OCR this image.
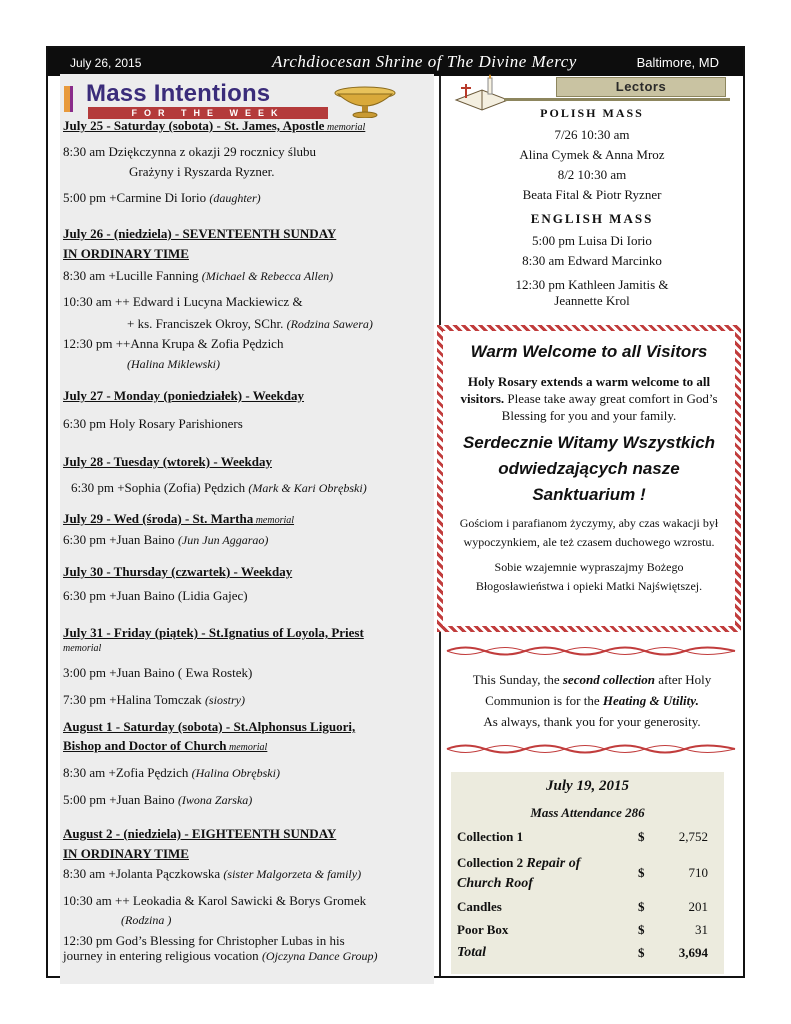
July 26, 2015	Archdiocesan Shrine of The Divine Mercy	Baltimore, MD
Mass Intentions
FOR THE WEEK
July 25 - Saturday (sobota) - St. James, Apostle memorial
8:30 am Dziękczynna z okazji 29 rocznicy ślubu
Grażyny i Ryszarda Ryzner.
5:00 pm +Carmine Di Iorio (daughter)
July 26 - (niedziela) - SEVENTEENTH SUNDAY
IN ORDINARY TIME
8:30 am +Lucille Fanning (Michael & Rebecca Allen)
10:30 am ++ Edward i Lucyna Mackiewicz &
+ ks. Franciszek Okroy, SChr. (Rodzina Sawera)
12:30 pm ++Anna Krupa & Zofia Pędzich
(Halina Miklewski)
July 27 - Monday (poniedziałek) - Weekday
6:30 pm Holy Rosary Parishioners
July 28 - Tuesday (wtorek) - Weekday
6:30 pm +Sophia (Zofia) Pędzich (Mark & Kari Obrębski)
July 29 - Wed (środa) - St. Martha memorial
6:30 pm +Juan Baino (Jun Jun Aggarao)
July 30 - Thursday (czwartek) - Weekday
6:30 pm +Juan Baino (Lidia Gajec)
July 31 - Friday (piątek) - St.Ignatius of Loyola, Priest
memorial
3:00 pm +Juan Baino ( Ewa Rostek)
7:30 pm +Halina Tomczak (siostry)
August 1 - Saturday (sobota) - St.Alphonsus Liguori,
Bishop and Doctor of Church memorial
8:30 am +Zofia Pędzich (Halina Obrębski)
5:00 pm +Juan Baino (Iwona Zarska)
August 2 - (niedziela) - EIGHTEENTH SUNDAY
IN ORDINARY TIME
8:30 am +Jolanta Pączkowska (sister Malgorzeta & family)
10:30 am ++ Leokadia & Karol Sawicki & Borys Gromek
(Rodzina )
12:30 pm God’s Blessing for Christopher Lubas in his
journey in entering religious vocation (Ojczyna Dance Group)
Lectors
POLISH MASS
7/26 10:30 am
Alina Cymek & Anna Mroz
8/2 10:30 am
Beata Fital & Piotr Ryzner
ENGLISH MASS
5:00 pm Luisa Di Iorio
8:30 am Edward Marcinko
12:30 pm Kathleen Jamitis &
Jeannette Krol
Warm Welcome to all Visitors
Holy Rosary extends a warm welcome to all visitors. Please take away great comfort in God’s Blessing for you and your family.
Serdecznie Witamy Wszystkich
odwiedzających nasze
Sanktuarium !
Gościom i parafianom życzymy, aby czas wakacji był wypoczynkiem, ale też czasem duchowego wzrostu.
Sobie wzajemnie wypraszajmy Bożego Błogosławieństwa i opieki Matki Najświętszej.
This Sunday, the second collection after Holy Communion is for the Heating & Utility.
As always, thank you for your generosity.
July 19, 2015
Mass Attendance 286
Collection 1	$	2,752
Collection 2 Repair of
Church Roof
$	710
Candles	$	201
Poor Box	$	31
Total	$	3,694
